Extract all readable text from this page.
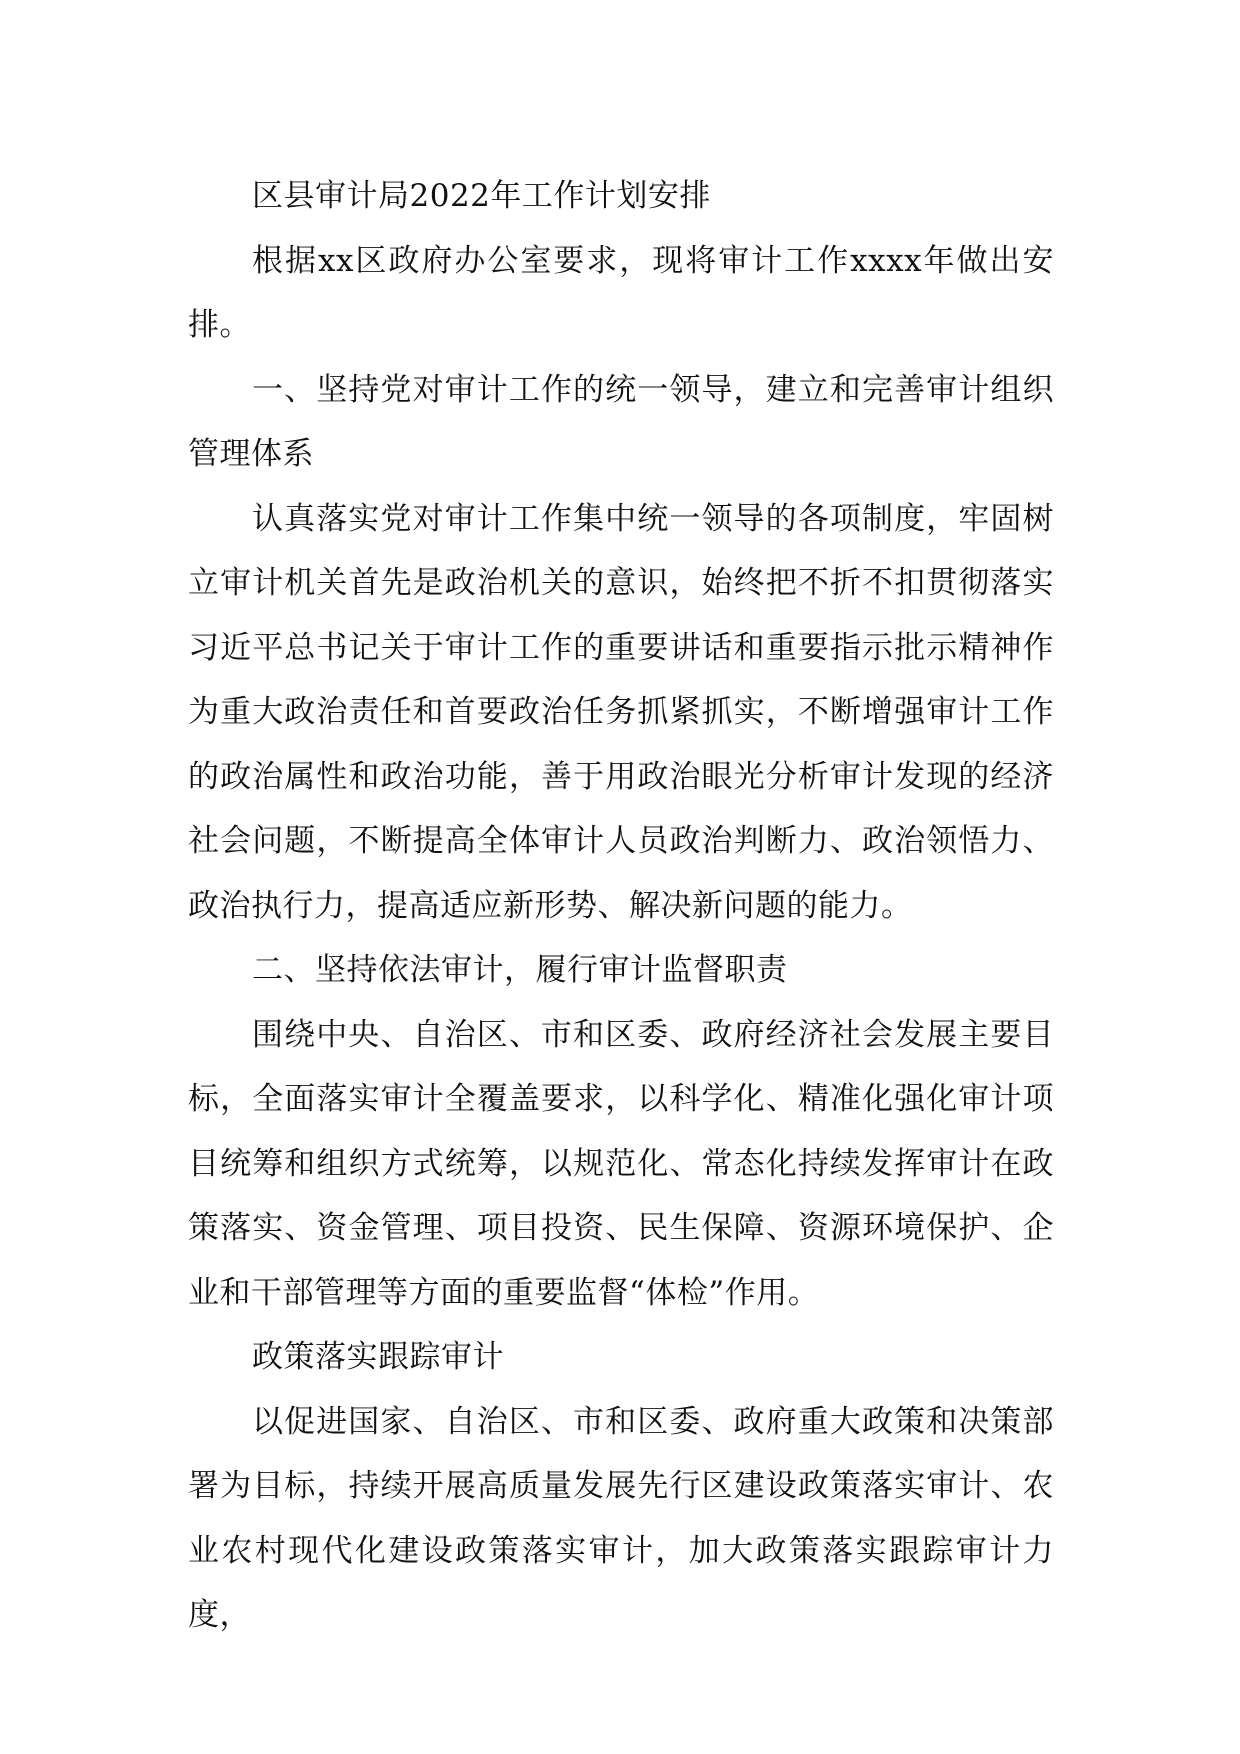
区县审计局2022年工作计划安排

根据xx区政府办公室要求，现将审计工作xxxx年做出安排。

一、坚持党对审计工作的统一领导，建立和完善审计组织管理体系

认真落实党对审计工作集中统一领导的各项制度，牢固树立审计机关首先是政治机关的意识，始终把不折不扣贯彻落实习近平总书记关于审计工作的重要讲话和重要指示批示精神作为重大政治责任和首要政治任务抓紧抓实，不断增强审计工作的政治属性和政治功能，善于用政治眼光分析审计发现的经济社会问题，不断提高全体审计人员政治判断力、政治领悟力、政治执行力，提高适应新形势、解决新问题的能力。

二、坚持依法审计，履行审计监督职责

围绕中央、自治区、市和区委、政府经济社会发展主要目标，全面落实审计全覆盖要求，以科学化、精准化强化审计项目统筹和组织方式统筹，以规范化、常态化持续发挥审计在政策落实、资金管理、项目投资、民生保障、资源环境保护、企业和干部管理等方面的重要监督“体检”作用。

政策落实跟踪审计

以促进国家、自治区、市和区委、政府重大政策和决策部署为目标，持续开展高质量发展先行区建设政策落实审计、农业农村现代化建设政策落实审计，加大政策落实跟踪审计力度，
